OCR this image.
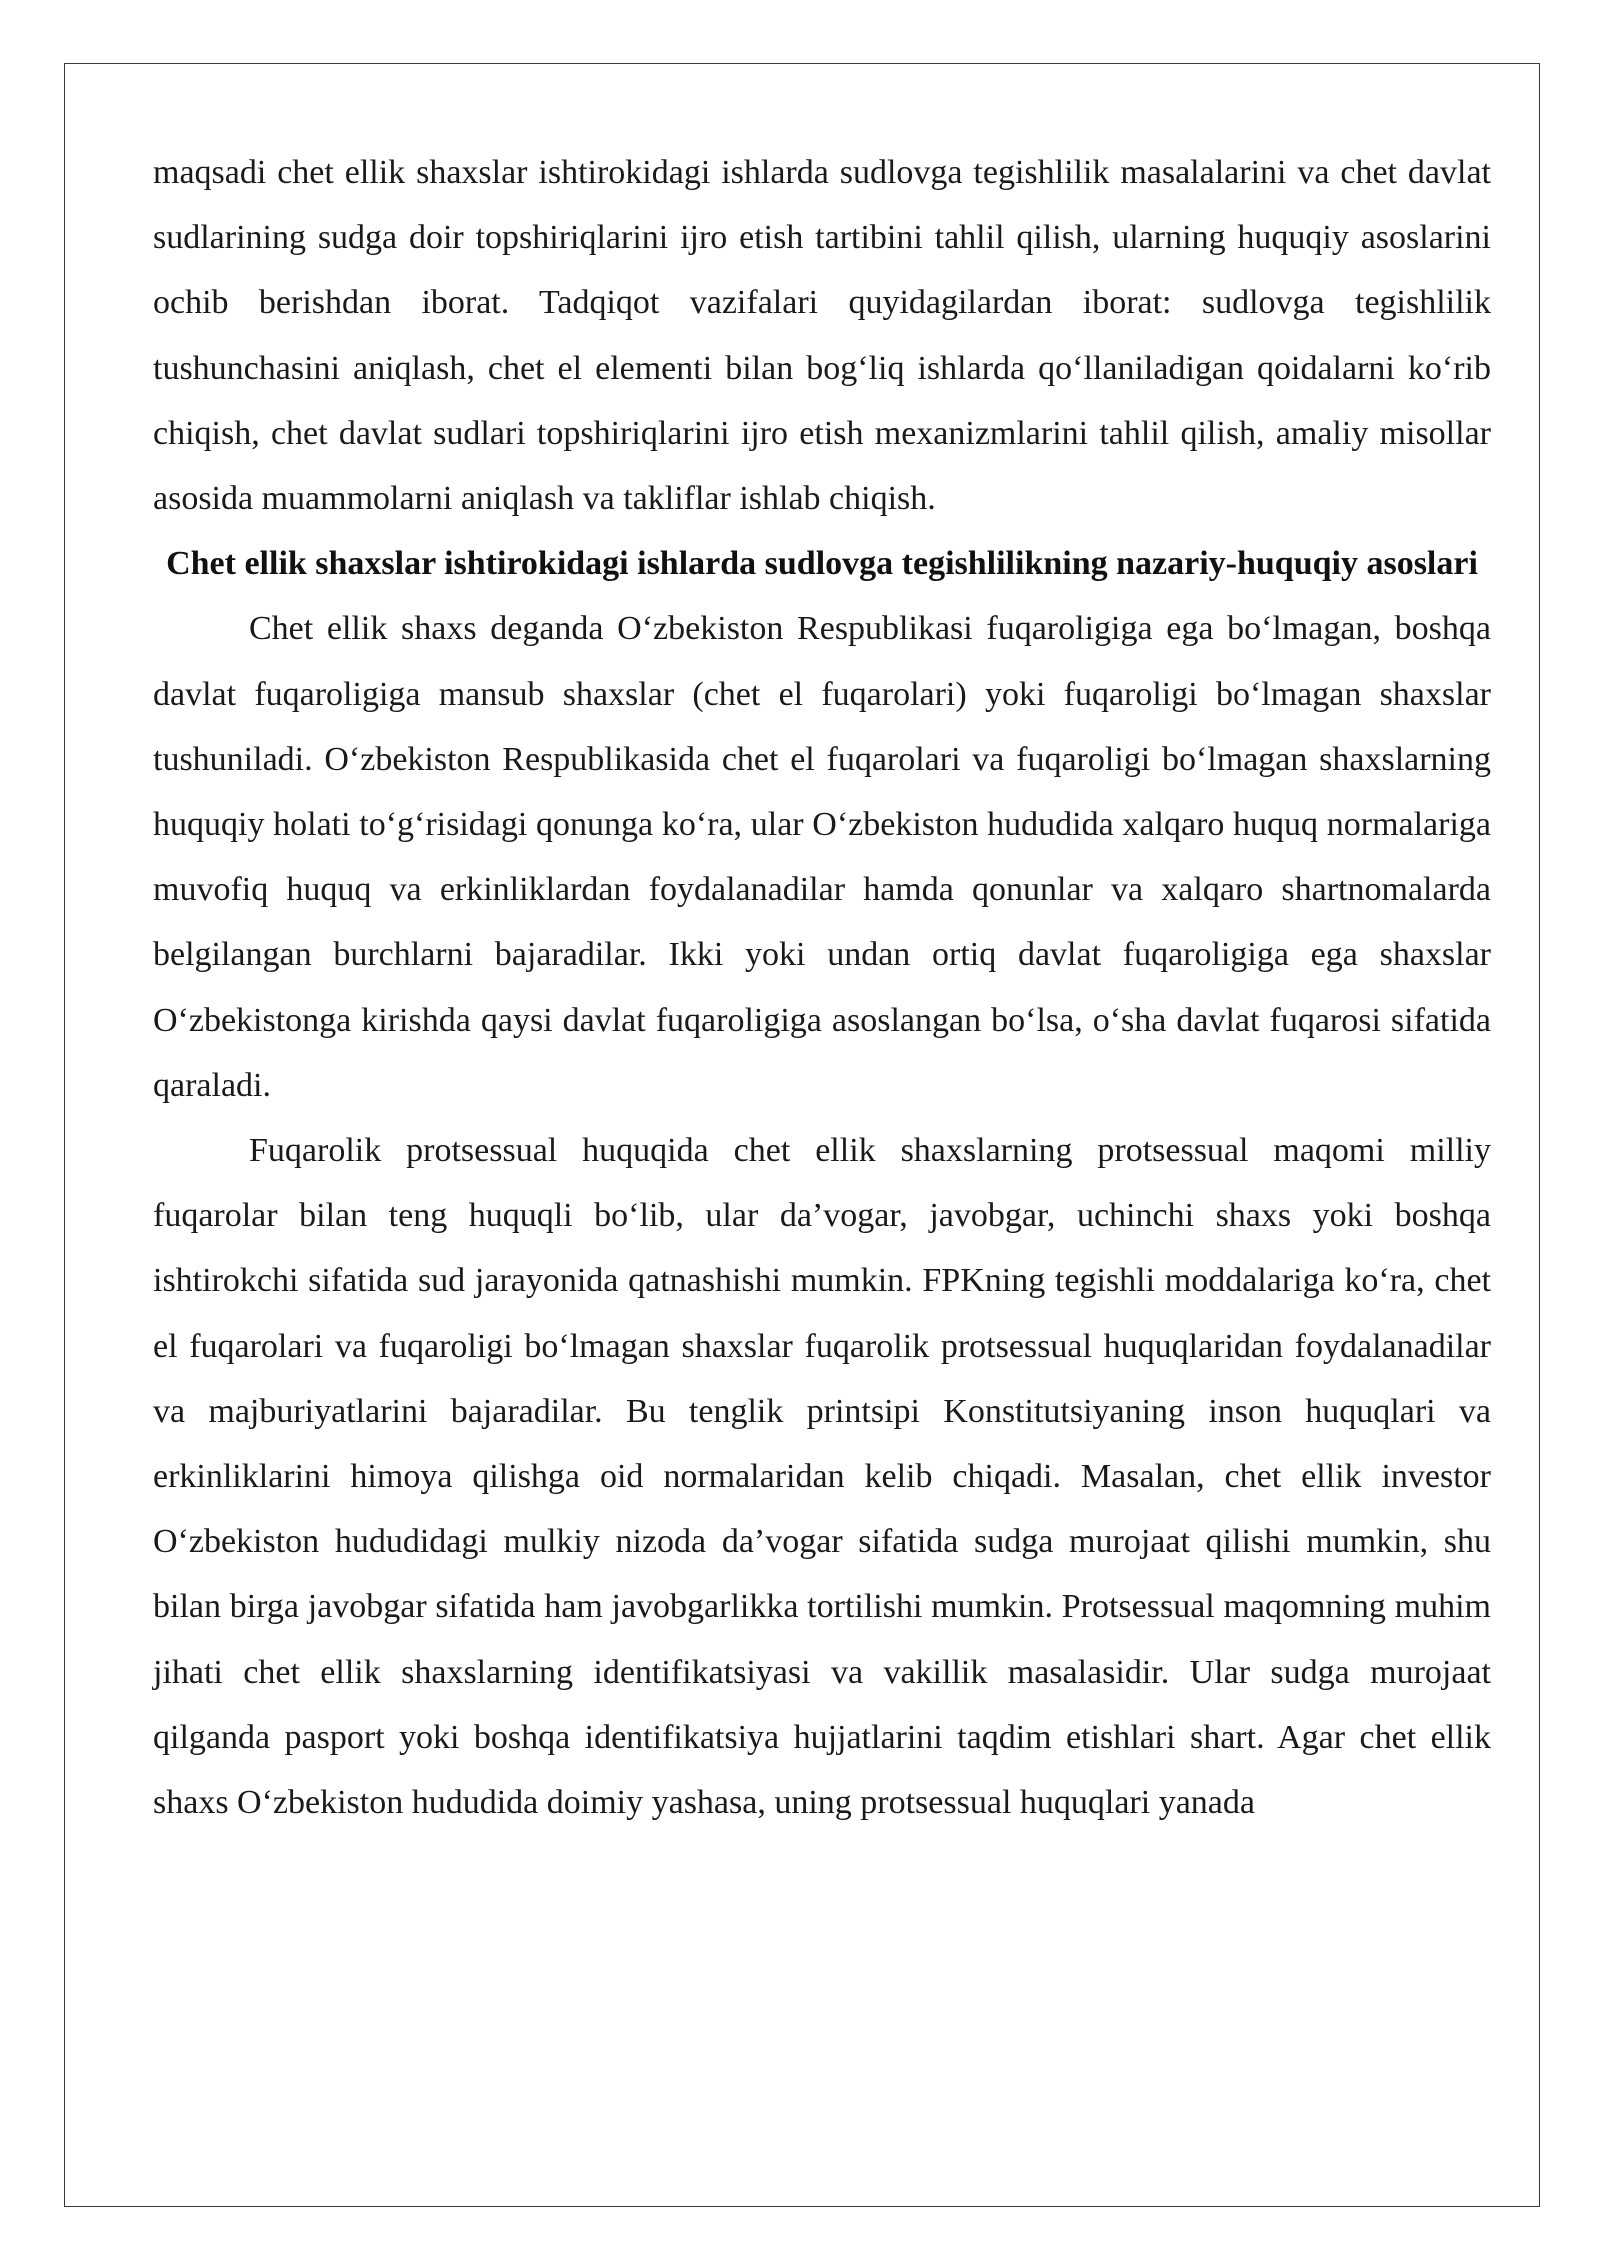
maqsadi chet ellik shaxslar ishtirokidagi ishlarda sudlovga tegishlilik masalalarini va chet davlat sudlarining sudga doir topshiriqlarini ijro etish tartibini tahlil qilish, ularning huquqiy asoslarini ochib berishdan iborat. Tadqiqot vazifalari quyidagilardan iborat: sudlovga tegishlilik tushunchasini aniqlash, chet el elementi bilan bog‘liq ishlarda qo‘llaniladigan qoidalarni ko‘rib chiqish, chet davlat sudlari topshiriqlarini ijro etish mexanizmlarini tahlil qilish, amaliy misollar asosida muammolarni aniqlash va takliflar ishlab chiqish.

Chet ellik shaxslar ishtirokidagi ishlarda sudlovga tegishlilikning nazariy-huquqiy asoslari

Chet ellik shaxs deganda O‘zbekiston Respublikasi fuqaroligiga ega bo‘lmagan, boshqa davlat fuqaroligiga mansub shaxslar (chet el fuqarolari) yoki fuqaroligi bo‘lmagan shaxslar tushuniladi. O‘zbekiston Respublikasida chet el fuqarolari va fuqaroligi bo‘lmagan shaxslarning huquqiy holati to‘g‘risidagi qonunga ko‘ra, ular O‘zbekiston hududida xalqaro huquq normalariga muvofiq huquq va erkinliklardan foydalanadilar hamda qonunlar va xalqaro shartnomalarda belgilangan burchlarni bajaradilar. Ikki yoki undan ortiq davlat fuqaroligiga ega shaxslar O‘zbekistonga kirishda qaysi davlat fuqaroligiga asoslangan bo‘lsa, o‘sha davlat fuqarosi sifatida qaraladi.

Fuqarolik protsessual huquqida chet ellik shaxslarning protsessual maqomi milliy fuqarolar bilan teng huquqli bo‘lib, ular da’vogar, javobgar, uchinchi shaxs yoki boshqa ishtirokchi sifatida sud jarayonida qatnashishi mumkin. FPKning tegishli moddalariga ko‘ra, chet el fuqarolari va fuqaroligi bo‘lmagan shaxslar fuqarolik protsessual huquqlaridan foydalanadilar va majburiyatlarini bajaradilar. Bu tenglik printsipi Konstitutsiyaning inson huquqlari va erkinliklarini himoya qilishga oid normalaridan kelib chiqadi. Masalan, chet ellik investor O‘zbekiston hududidagi mulkiy nizoda da’vogar sifatida sudga murojaat qilishi mumkin, shu bilan birga javobgar sifatida ham javobgarlikka tortilishi mumkin. Protsessual maqomning muhim jihati chet ellik shaxslarning identifikatsiyasi va vakillik masalasidir. Ular sudga murojaat qilganda pasport yoki boshqa identifikatsiya hujjatlarini taqdim etishlari shart. Agar chet ellik shaxs O‘zbekiston hududida doimiy yashasa, uning protsessual huquqlari yanada
